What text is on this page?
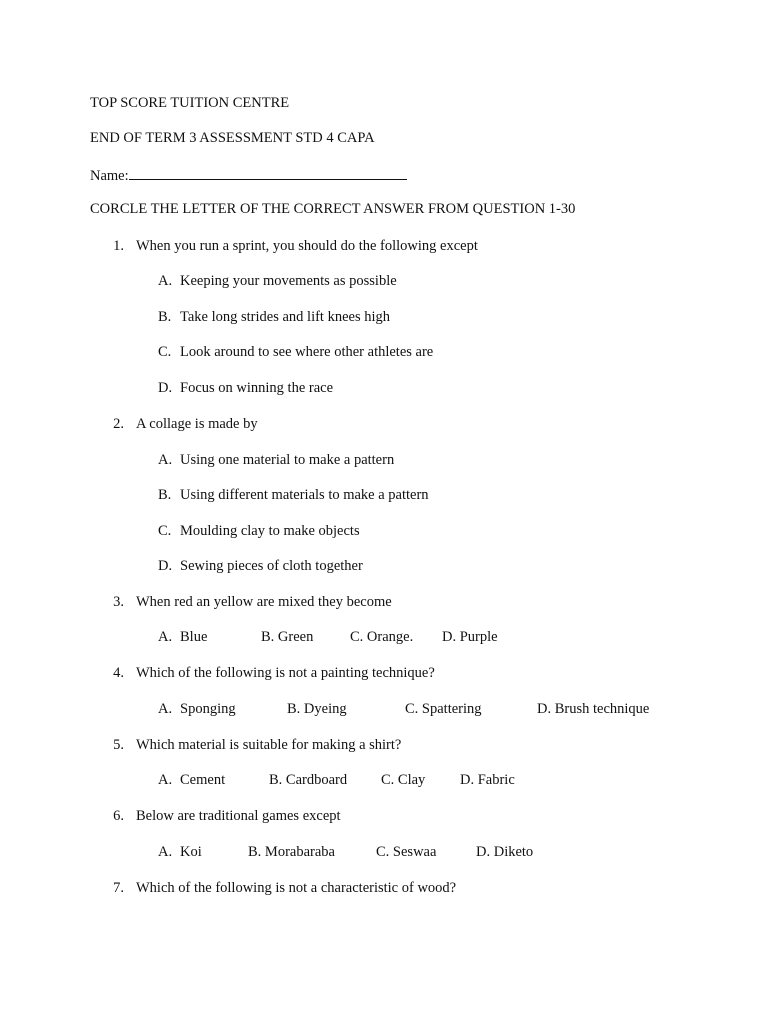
TOP SCORE TUITION CENTRE
END OF TERM 3 ASSESSMENT STD 4 CAPA
Name:
CORCLE THE LETTER OF THE CORRECT ANSWER FROM QUESTION 1-30
1. When you run a sprint, you should do the following except
A. Keeping your movements as possible
B. Take long strides and lift knees high
C. Look around to see where other athletes are
D. Focus on winning the race
2. A collage is made by
A. Using one material to make a pattern
B. Using different materials to make a pattern
C. Moulding clay to make objects
D. Sewing pieces of cloth together
3. When red an yellow are mixed they become
A. Blue	B. Green	C. Orange. D. Purple
4. Which of the following is not a painting technique?
A. Sponging	B. Dyeing	C. Spattering	D. Brush technique
5. Which material is suitable for making a shirt?
A. Cement	B. Cardboard C. Clay D. Fabric
6. Below are traditional games except
A. Koi	B. Morabaraba	C. Seswaa	D. Diketo
7. Which of the following is not a characteristic of wood?
